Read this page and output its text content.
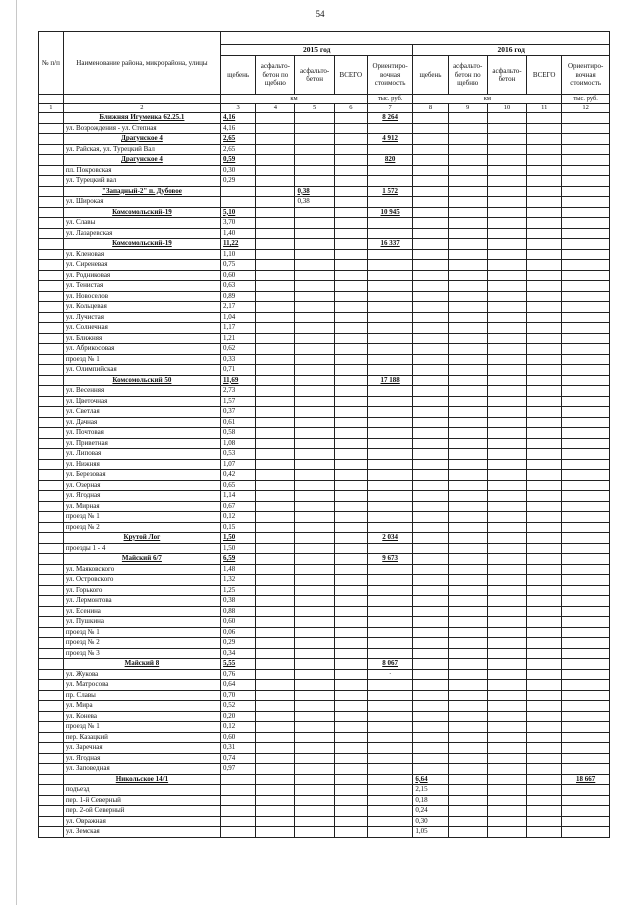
54
№ п/п	Наименование района, микрорайона, улицы										
		2015 год					2016 год				
		щебень	асфальто-бетон по щебню	асфальто-бетон	ВСЕГО	Ориентиро-вочная стоимость	щебень	асфальто-бетон по щебню	асфальто-бетон	ВСЕГО	Ориентиро-вочная стоимость
		км				тыс. руб.	км				тыс. руб.
1	2	3	4	5	6	7	8	9	10	11	12
	Ближняя Игуменка 62.25.1	4,16				8 264					
	ул. Возрождения - ул. Степная	4,16									
	Драгунское 4	2,65				4 912					
	ул. Райская, ул. Турецкий Вал	2,65									
	Драгунское 4	0,59				820					
	пл. Покровская	0,30									
	ул. Турецкий вал	0,29									
	"Западный-2" п. Дубовое			0,38		1 572					
	ул. Широкая			0,38							
	Комсомольский-19	5,10				10 945					
	ул. Славы	3,70									
	ул. Лазаревская	1,40									
	Комсомольский-19	11,22				16 337					
	ул. Кленовая	1,10									
	ул. Сиреневая	0,75									
	ул. Родниковая	0,60									
	ул. Тенистая	0,63									
	ул. Новоселов	0,89									
	ул. Кольцевая	2,17									
	ул. Лучистая	1,04									
	ул. Солнечная	1,17									
	ул. Ближняя	1,21									
	ул. Абрикосовая	0,62									
	проезд № 1	0,33									
	ул. Олимпийская	0,71									
	Комсомольский 50	11,69				17 188					
	ул. Весенняя	2,73									
	ул. Цветочная	1,57									
	ул. Светлая	0,37									
	ул. Дачная	0,61									
	ул. Почтовая	0,58									
	ул. Приветная	1,08									
	ул. Липовая	0,53									
	ул. Нижняя	1,07									
	ул. Березовая	0,42									
	ул. Озерная	0,65									
	ул. Ягодная	1,14									
	ул. Мирная	0,67									
	проезд № 1	0,12									
	проезд № 2	0,15									
	Крутой Лог	1,50				2 034					
	проезды 1 - 4	1,50									
	Майский 6/7	6,59				9 673					
	ул. Маяковского	1,48									
	ул. Островского	1,32									
	ул. Горького	1,25									
	ул. Лермонтова	0,38									
	ул. Есенина	0,88									
	ул. Пушкина	0,60									
	проезд № 1	0,06									
	проезд № 2	0,29									
	проезд № 3	0,34									
	Майский 8	5,55				8 067					
	ул. Жукова	0,76				·					
	ул. Матросова	0,64									
	пр. Славы	0,70									
	ул. Мира	0,52									
	ул. Конева	0,20									
	проезд № 1	0,12									
	пер. Казацкий	0,60									
	ул. Заречная	0,31									
	ул. Ягодная	0,74									
	ул. Заповедная	0,97									
	Никольское 14/1						6,64				18 667
	подъезд						2,15				
	пер. 1-й Северный						0,18				
	пер. 2-ой Северный						0,24				
	ул. Овражная						0,30				
	ул. Земская						1,05				
